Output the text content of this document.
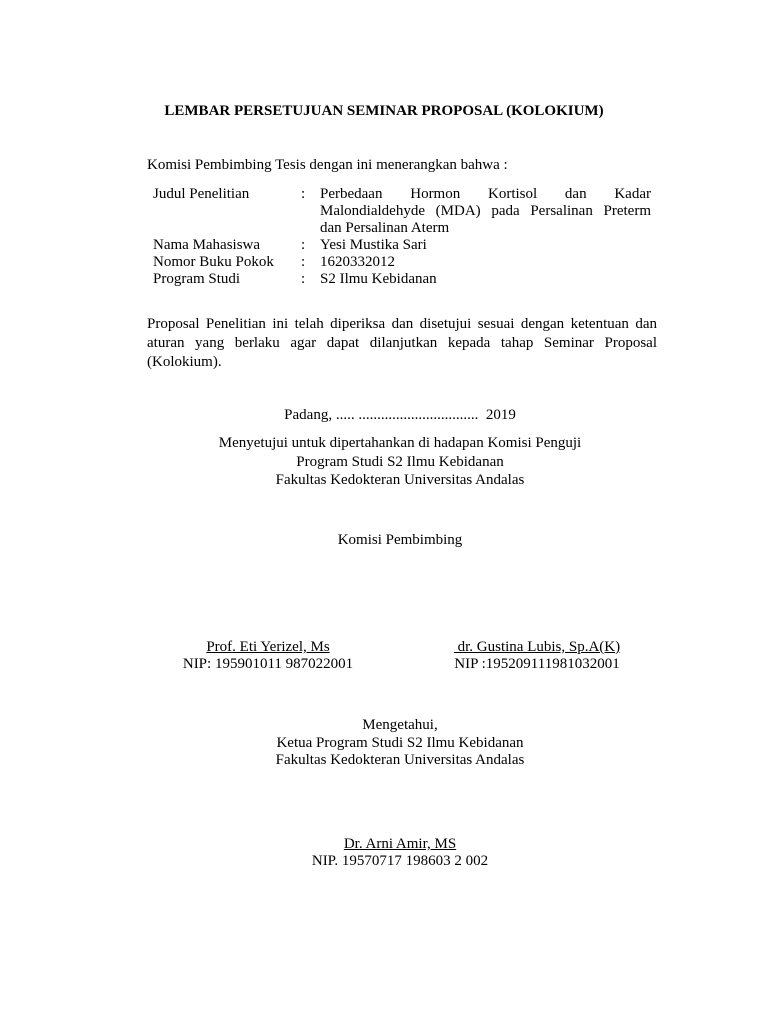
LEMBAR PERSETUJUAN SEMINAR PROPOSAL (KOLOKIUM)
Komisi Pembimbing Tesis dengan ini menerangkan bahwa :
Judul Penelitian	: Perbedaan Hormon Kortisol dan Kadar
Malondialdehyde (MDA) pada Persalinan Preterm
dan Persalinan Aterm
Nama Mahasiswa	: Yesi Mustika Sari
Nomor Buku Pokok	: 1620332012
Program Studi	: S2 Ilmu Kebidanan
Proposal Penelitian ini telah diperiksa dan disetujui sesuai dengan ketentuan dan aturan yang berlaku agar dapat dilanjutkan kepada tahap Seminar Proposal (Kolokium).
Padang, ..... ................................  2019
Menyetujui untuk dipertahankan di hadapan Komisi Penguji
Program Studi S2 Ilmu Kebidanan
Fakultas Kedokteran Universitas Andalas
Komisi Pembimbing
Prof. Eti Yerizel, Ms
NIP: 195901011 987022001
dr. Gustina Lubis, Sp.A(K)
NIP :195209111981032001
Mengetahui,
Ketua Program Studi S2 Ilmu Kebidanan
Fakultas Kedokteran Universitas Andalas
Dr. Arni Amir, MS
NIP. 19570717 198603 2 002
